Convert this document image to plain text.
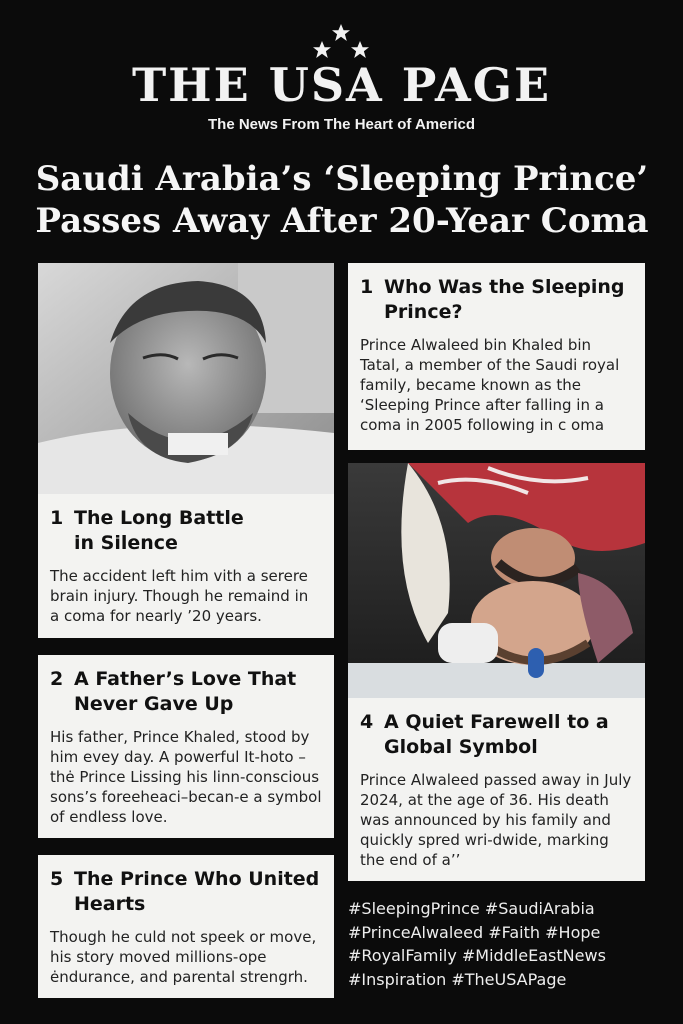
THE USA PAGE
The News From The Heart of Americd
Saudi Arabia’s ‘Sleeping Prince’
Passes Away After 20-Year Coma
1 Who Was the Sleeping
Prince?

Prince Alwaleed bin Khaled bin Tatal, a member of the Saudi royal family, became known as the ‘Sleeping Prince after falling in a coma in 2005 following in c oma

1 The Long Battle
in Silence

The accident left him vith a serere brain injury. Though he remaind in a coma for nearly ’20 years.

2 A Father’s Love That
Never Gave Up

His father, Prince Khaled, stood by him evey day. A powerful It-hoto – thė Prince Lissing his linn-conscious sons’s foreeheaci–becan-e a symbol of endless love.

4 A Quiet Farewell to a
Global Symbol

Prince Alwaleed passed away in July 2024, at the age of 36. His death was announced by his family and quickly spred wri-dwide, marking the end of a’’

5 The Prince Who United
Hearts

Though he culd not speek or move, his story moved millions-ope ėndurance, and parental strengrh.

#SleepingPrince #SaudiArabia
#PrinceAlwaleed #Faith #Hope
#RoyalFamily #MiddleEastNews
#Inspiration #TheUSAPage
